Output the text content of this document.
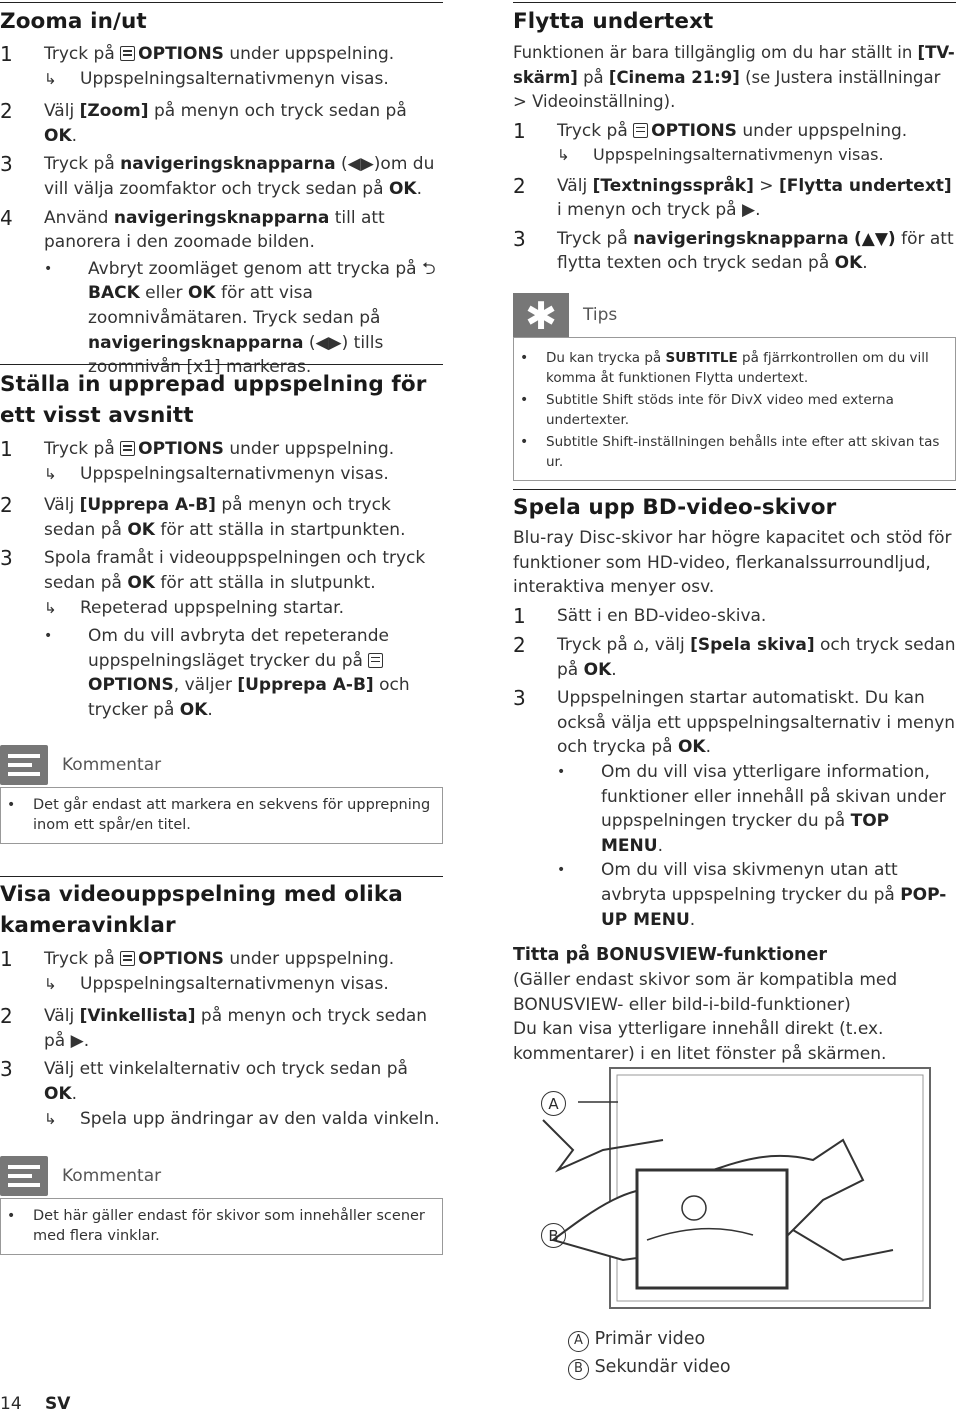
Zooma in/ut
1	Tryck på OPTIONS under uppspelning.
↳	Uppspelningsalternativmenyn visas.
2	Välj [Zoom] på menyn och tryck sedan på OK.
3	Tryck på navigeringsknapparna (◀▶)om du vill välja zoomfaktor och tryck sedan på OK.
4	Använd navigeringsknapparna till att panorera i den zoomade bilden.
•	Avbryt zoomläget genom att trycka på ⮌ BACK eller OK för att visa zoomnivåmätaren. Tryck sedan på navigeringsknapparna (◀▶) tills zoomnivån [x1] markeras.
Ställa in upprepad uppspelning för ett visst avsnitt
1	Tryck på OPTIONS under uppspelning.
↳	Uppspelningsalternativmenyn visas.
2	Välj [Upprepa A-B] på menyn och tryck sedan på OK för att ställa in startpunkten.
3	Spola framåt i videouppspelningen och tryck sedan på OK för att ställa in slutpunkt.
↳	Repeterad uppspelning startar.
•	Om du vill avbryta det repeterande uppspelningsläget trycker du på
OPTIONS, väljer [Upprepa A-B] och trycker på OK.
Kommentar
•	Det går endast att markera en sekvens för upprepning inom ett spår/en titel.
Visa videouppspelning med olika kameravinklar
1	Tryck på OPTIONS under uppspelning.
↳	Uppspelningsalternativmenyn visas.
2	Välj [Vinkellista] på menyn och tryck sedan på ▶.
3	Välj ett vinkelalternativ och tryck sedan på OK.
↳	Spela upp ändringar av den valda vinkeln.
Kommentar
•	Det här gäller endast för skivor som innehåller scener med flera vinklar.
14 SV
Flytta undertext

Funktionen är bara tillgänglig om du har ställt in [TV-skärm] på [Cinema 21:9] (se Justera inställningar > Videoinställning).

1	Tryck på OPTIONS under uppspelning.
↳	Uppspelningsalternativmenyn visas.
2	Välj [Textningsspråk] > [Flytta undertext] i menyn och tryck på ▶.
3	Tryck på navigeringsknapparna (▲▼) för att flytta texten och tryck sedan på OK.
✱	Tips
•	Du kan trycka på SUBTITLE på fjärrkontrollen om du vill komma åt funktionen Flytta undertext.
•	Subtitle Shift stöds inte för DivX video med externa undertexter.
•	Subtitle Shift-inställningen behålls inte efter att skivan tas ur.
Spela upp BD-video-skivor

Blu-ray Disc-skivor har högre kapacitet och stöd för funktioner som HD-video, flerkanalssurroundljud, interaktiva menyer osv.

1	Sätt i en BD-video-skiva.
2	Tryck på ⌂, välj [Spela skiva] och tryck sedan på OK.
3	Uppspelningen startar automatiskt. Du kan också välja ett uppspelningsalternativ i menyn och trycka på OK.
•	Om du vill visa ytterligare information, funktioner eller innehåll på skivan under uppspelningen trycker du på TOP MENU.
•	Om du vill visa skivmenyn utan att avbryta uppspelning trycker du på POP-UP MENU.
Titta på BONUSVIEW-funktioner

(Gäller endast skivor som är kompatibla med BONUSVIEW- eller bild-i-bild-funktioner)

Du kan visa ytterligare innehåll direkt (t.ex. kommentarer) i en litet fönster på skärmen.

A
B
A Primär video
B Sekundär video
